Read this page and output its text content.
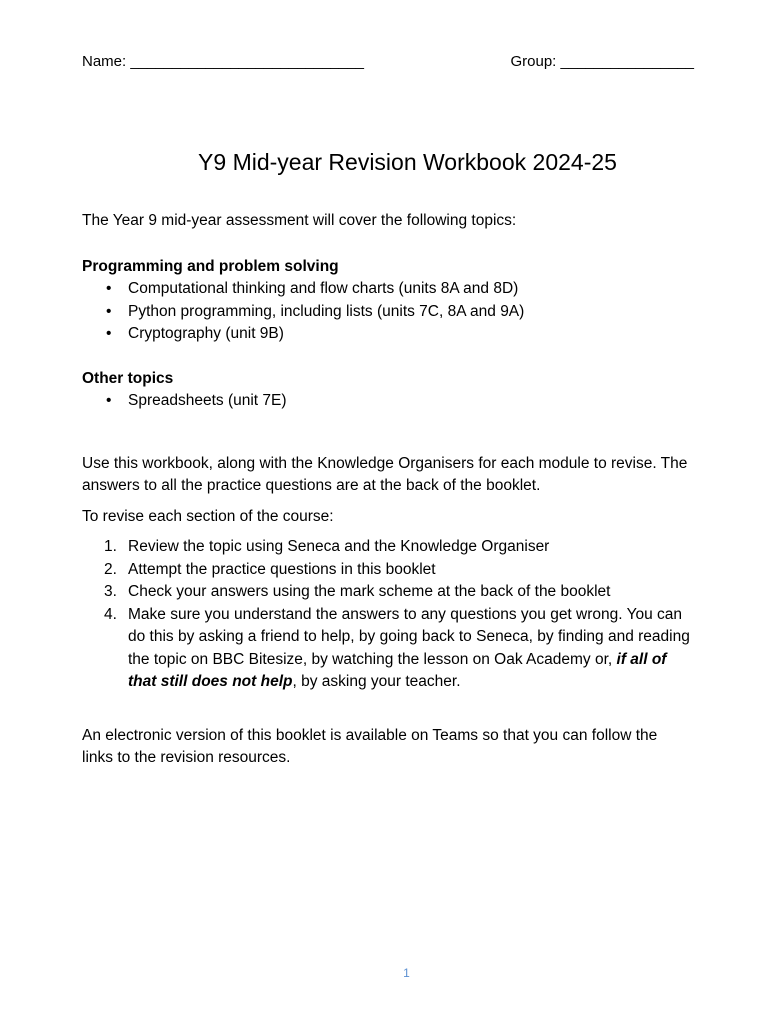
Name: ____________________________	Group: ________________
Y9 Mid-year Revision Workbook 2024-25

The Year 9 mid-year assessment will cover the following topics:

Programming and problem solving

• Computational thinking and flow charts (units 8A and 8D)
• Python programming, including lists (units 7C, 8A and 9A)
• Cryptography (unit 9B)

Other topics

• Spreadsheets (unit 7E)

Use this workbook, along with the Knowledge Organisers for each module to revise. The answers to all the practice questions are at the back of the booklet.

To revise each section of the course:

1. Review the topic using Seneca and the Knowledge Organiser
2. Attempt the practice questions in this booklet
3. Check your answers using the mark scheme at the back of the booklet
4. Make sure you understand the answers to any questions you get wrong. You can do this by asking a friend to help, by going back to Seneca, by finding and reading the topic on BBC Bitesize, by watching the lesson on Oak Academy or, if all of that still does not help, by asking your teacher.

An electronic version of this booklet is available on Teams so that you can follow the links to the revision resources.

1
